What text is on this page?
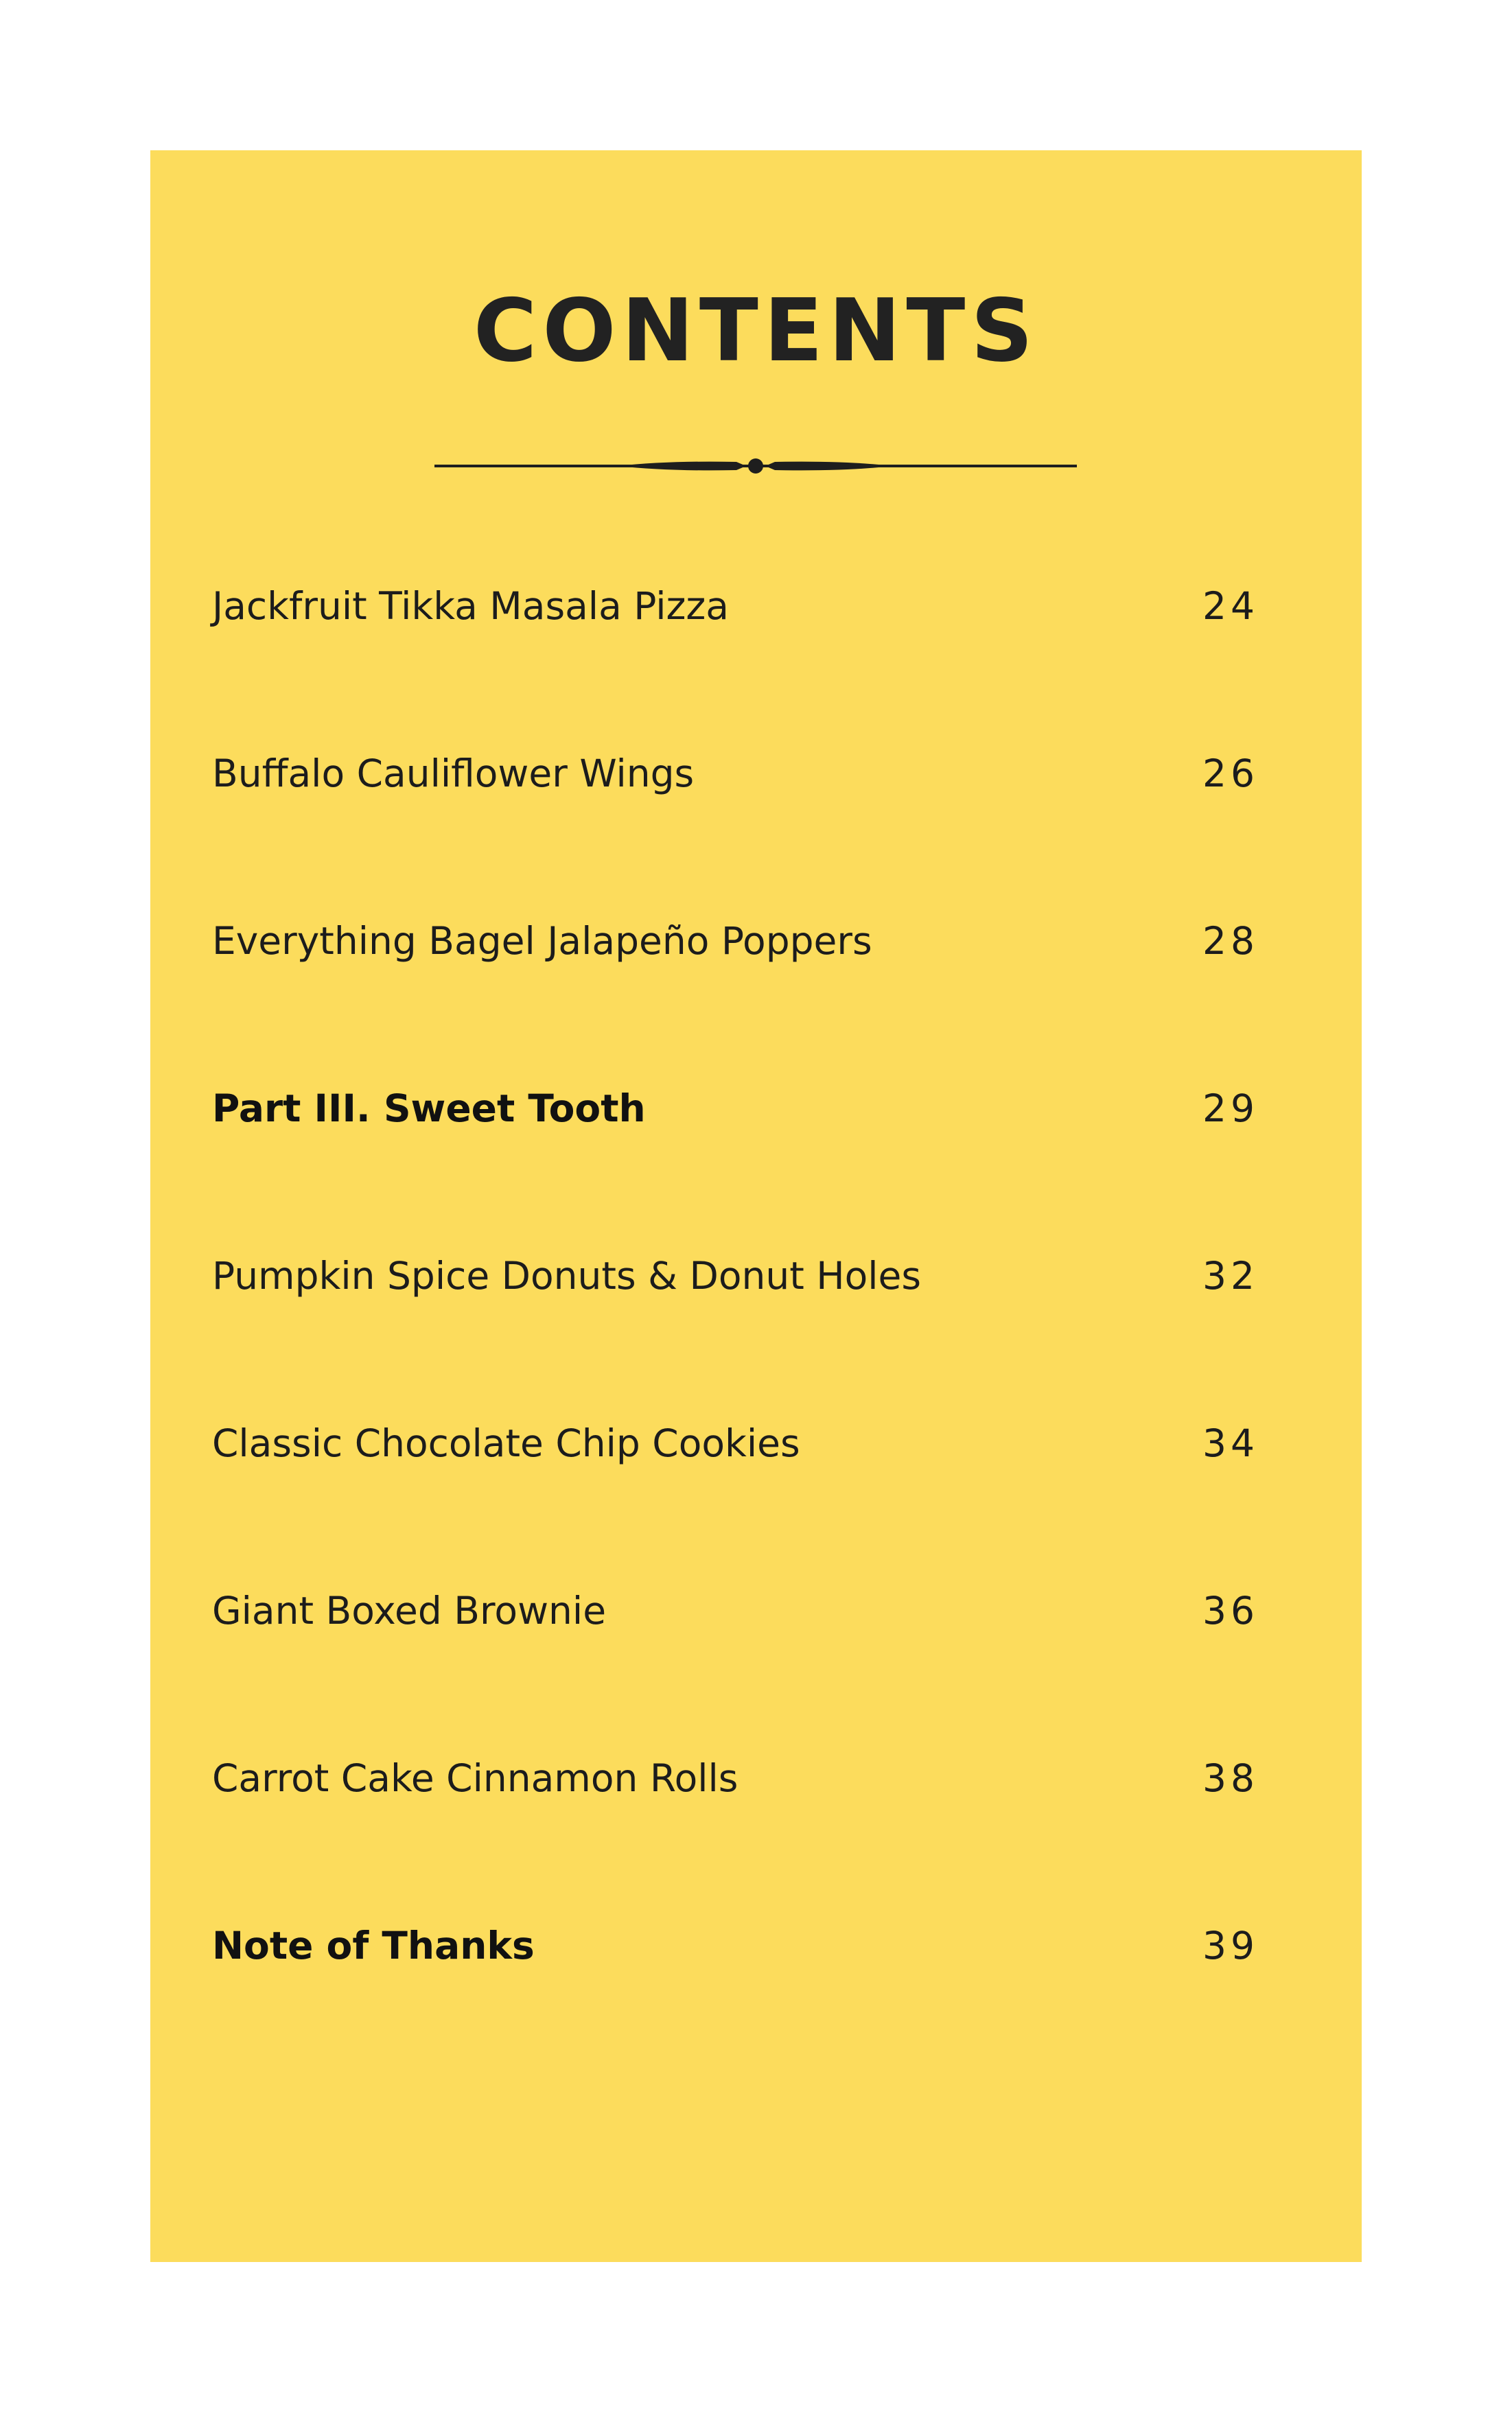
CONTENTS
Jackfruit Tikka Masala Pizza	24
Buffalo Cauliflower Wings	26
Everything Bagel Jalapeño Poppers	28
Part III. Sweet Tooth	29
Pumpkin Spice Donuts & Donut Holes	32
Classic Chocolate Chip Cookies	34
Giant Boxed Brownie	36
Carrot Cake Cinnamon Rolls	38
Note of Thanks	39
